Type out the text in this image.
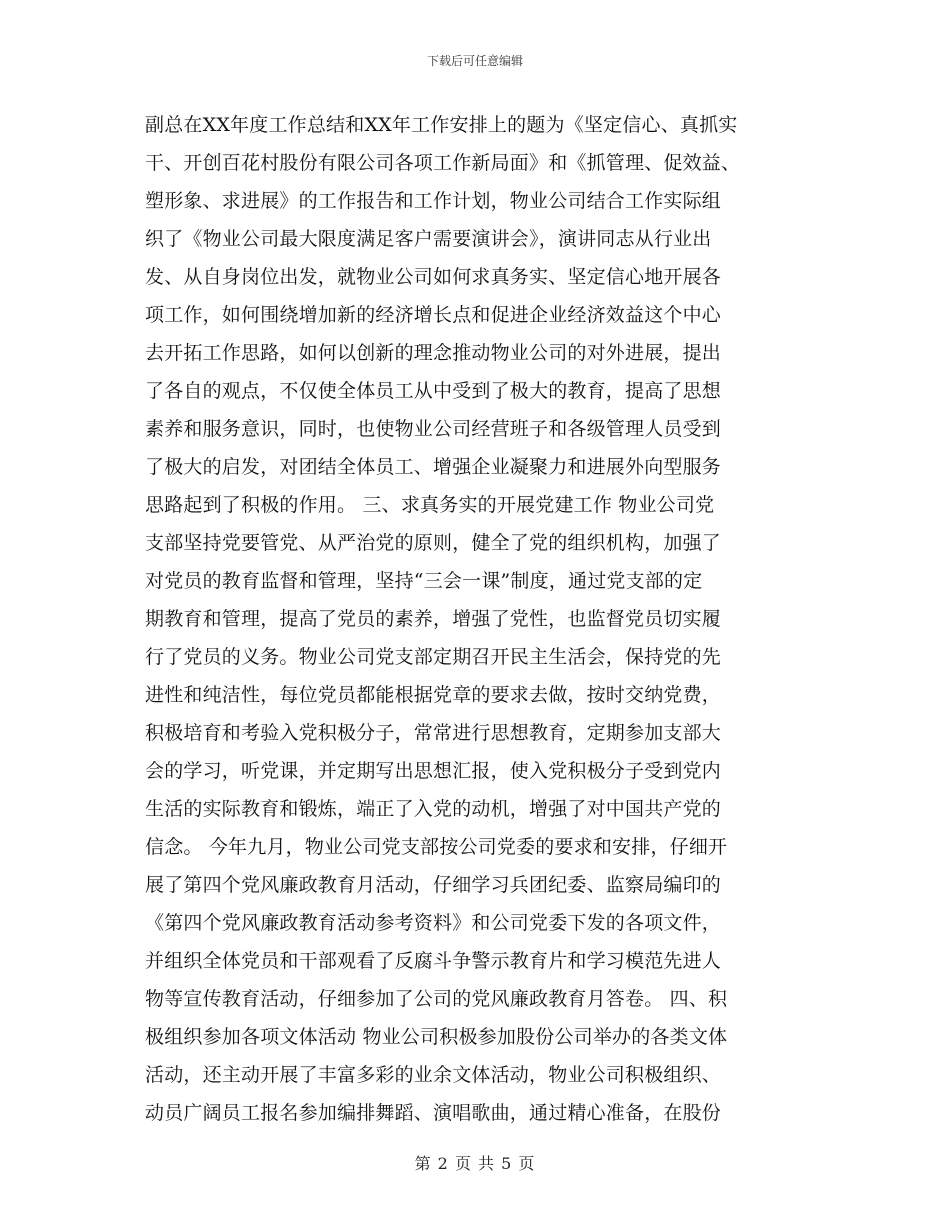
下载后可任意编辑
副总在XX年度工作总结和XX年工作安排上的题为《坚定信心、真抓实
干、开创百花村股份有限公司各项工作新局面》和《抓管理、促效益、
塑形象、求进展》的工作报告和工作计划，物业公司结合工作实际组
织了《物业公司最大限度满足客户需要演讲会》，演讲同志从行业出
发、从自身岗位出发，就物业公司如何求真务实、坚定信心地开展各
项工作，如何围绕增加新的经济增长点和促进企业经济效益这个中心
去开拓工作思路，如何以创新的理念推动物业公司的对外进展，提出
了各自的观点，不仅使全体员工从中受到了极大的教育，提高了思想
素养和服务意识，同时，也使物业公司经营班子和各级管理人员受到
了极大的启发，对团结全体员工、增强企业凝聚力和进展外向型服务
思路起到了积极的作用。 三、求真务实的开展党建工作 物业公司党
支部坚持党要管党、从严治党的原则，健全了党的组织机构，加强了
对党员的教育监督和管理，坚持“三会一课”制度，通过党支部的定
期教育和管理，提高了党员的素养，增强了党性，也监督党员切实履
行了党员的义务。物业公司党支部定期召开民主生活会，保持党的先
进性和纯洁性，每位党员都能根据党章的要求去做，按时交纳党费，
积极培育和考验入党积极分子，常常进行思想教育，定期参加支部大
会的学习，听党课，并定期写出思想汇报，使入党积极分子受到党内
生活的实际教育和锻炼，端正了入党的动机，增强了对中国共产党的
信念。 今年九月，物业公司党支部按公司党委的要求和安排，仔细开
展了第四个党风廉政教育月活动，仔细学习兵团纪委、监察局编印的
《第四个党风廉政教育活动参考资料》和公司党委下发的各项文件，
并组织全体党员和干部观看了反腐斗争警示教育片和学习模范先进人
物等宣传教育活动，仔细参加了公司的党风廉政教育月答卷。 四、积
极组织参加各项文体活动 物业公司积极参加股份公司举办的各类文体
活动，还主动开展了丰富多彩的业余文体活动，物业公司积极组织、
动员广阔员工报名参加编排舞蹈、演唱歌曲，通过精心准备，在股份
第 2 页 共 5 页
